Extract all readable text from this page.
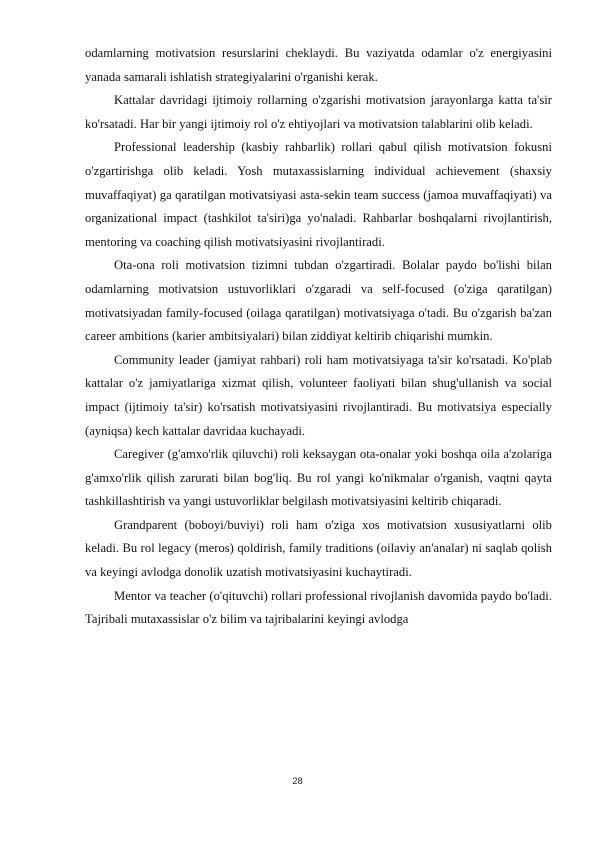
odamlarning motivatsion resurslarini cheklaydi. Bu vaziyatda odamlar o'z energiyasini yanada samarali ishlatish strategiyalarini o'rganishi kerak.

Kattalar davridagi ijtimoiy rollarning o'zgarishi motivatsion jarayonlarga katta ta'sir ko'rsatadi. Har bir yangi ijtimoiy rol o'z ehtiyojlari va motivatsion talablarini olib keladi.

Professional leadership (kasbiy rahbarlik) rollari qabul qilish motivatsion fokusni o'zgartirishga olib keladi. Yosh mutaxassislarning individual achievement (shaxsiy muvaffaqiyat) ga qaratilgan motivatsiyasi asta-sekin team success (jamoa muvaffaqiyati) va organizational impact (tashkilot ta'siri)ga yo'naladi. Rahbarlar boshqalarni rivojlantirish, mentoring va coaching qilish motivatsiyasini rivojlantiradi.

Ota-ona roli motivatsion tizimni tubdan o'zgartiradi. Bolalar paydo bo'lishi bilan odamlarning motivatsion ustuvorliklari o'zgaradi va self-focused (o'ziga qaratilgan) motivatsiyadan family-focused (oilaga qaratilgan) motivatsiyaga o'tadi. Bu o'zgarish ba'zan career ambitions (karier ambitsiyalari) bilan ziddiyat keltirib chiqarishi mumkin.

Community leader (jamiyat rahbari) roli ham motivatsiyaga ta'sir ko'rsatadi. Ko'plab kattalar o'z jamiyatlariga xizmat qilish, volunteer faoliyati bilan shug'ullanish va social impact (ijtimoiy ta'sir) ko'rsatish motivatsiyasini rivojlantiradi. Bu motivatsiya especially (ayniqsa) kech kattalar davridaa kuchayadi.

Caregiver (g'amxo'rlik qiluvchi) roli keksaygan ota-onalar yoki boshqa oila a'zolariga g'amxo'rlik qilish zarurati bilan bog'liq. Bu rol yangi ko'nikmalar o'rganish, vaqtni qayta tashkillashtirish va yangi ustuvorliklar belgilash motivatsiyasini keltirib chiqaradi.

Grandparent (boboyi/buviyi) roli ham o'ziga xos motivatsion xususiyatlarni olib keladi. Bu rol legacy (meros) qoldirish, family traditions (oilaviy an'analar) ni saqlab qolish va keyingi avlodga donolik uzatish motivatsiyasini kuchaytiradi.

Mentor va teacher (o'qituvchi) rollari professional rivojlanish davomida paydo bo'ladi. Tajribali mutaxassislar o'z bilim va tajribalarini keyingi avlodga

28
